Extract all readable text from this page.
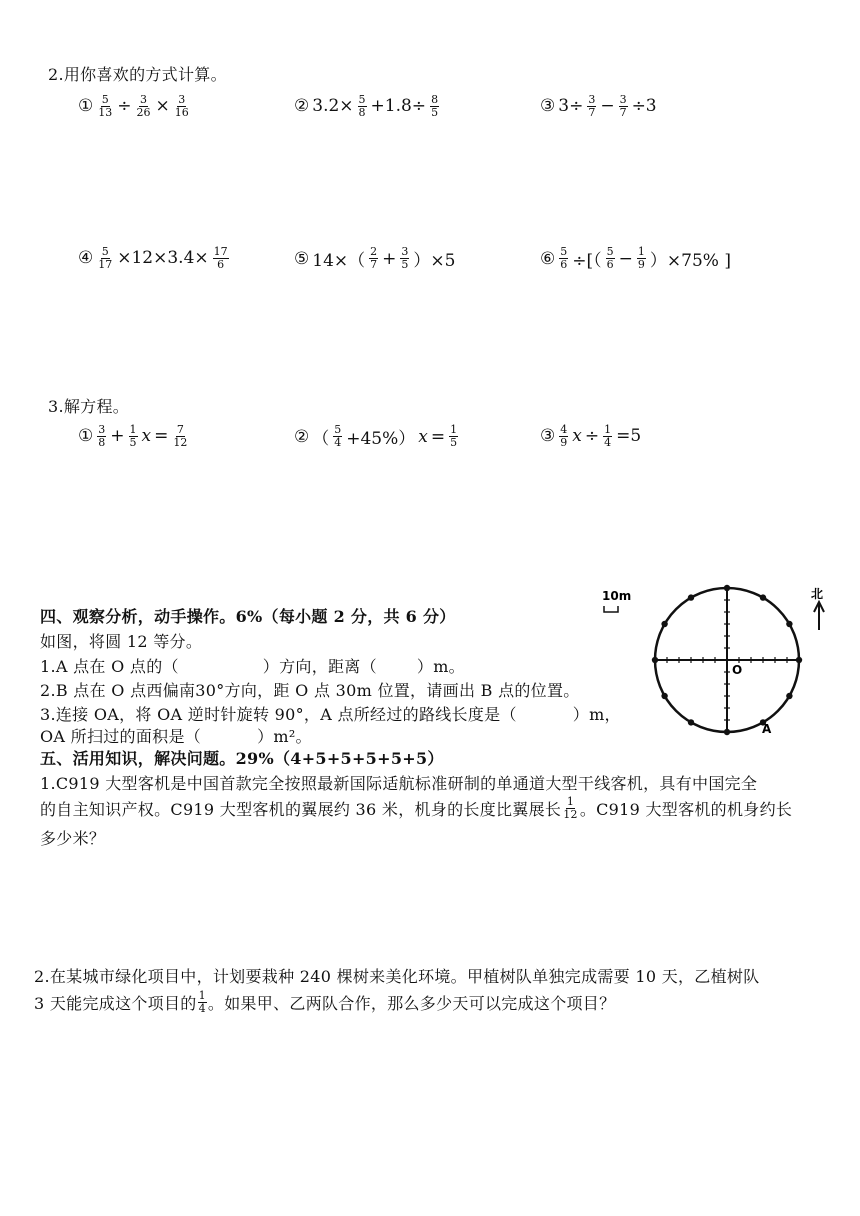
2.用你喜欢的方式计算。
① $\frac{5}{13} \div \frac{3}{26} \times \frac{3}{16}$	② $3.2\times \frac{5}{8} +1.8\div \frac{8}{5}$	③ $3\div \frac{3}{7} - \frac{3}{7} \div 3$
④ $\frac{5}{17} \times 12\times 3.4\times \frac{17}{6}$	⑤ $14\times( \frac{2}{7} + \frac{3}{5} )\times 5$	⑥ $\frac{5}{6}$ ÷[（ $\frac{5}{6} - \frac{1}{9} )\times 75\%$ ]
3.解方程。
① $\frac{3}{8} + \frac{1}{5}$ $x = \frac{7}{12}$	② （ $\frac{5}{4} +45\%$） $x = \frac{1}{5}$	③ $\frac{4}{9}$ $x \div \frac{1}{4} =5$
四、观察分析，动手操作。6%（每小题 2 分，共 6 分）
如图，将圆 12 等分。
1.A 点在 O 点的（	）方向，距离（	）m。
2.B 点在 O 点西偏南30°方向，距 O 点 30m 位置，请画出 B 点的位置。
3.连接 OA，将 OA 逆时针旋转 90°，A 点所经过的路线长度是（	）m，
OA 所扫过的面积是（	）m²。
10m	北
O
A
五、活用知识，解决问题。29%（4+5+5+5+5+5）
1.C919 大型客机是中国首款完全按照最新国际适航标准研制的单通道大型干线客机，具有中国完全
的自主知识产权。C919 大型客机的翼展约 36 米，机身的长度比翼展长 $\frac{1}{12}$ 。C919 大型客机的机身约长
多少米？
2.在某城市绿化项目中，计划要栽种 240 棵树来美化环境。甲植树队单独完成需要 10 天，乙植树队
3 天能完成这个项目的 $\frac{1}{4}$ 。如果甲、乙两队合作，那么多少天可以完成这个项目？
